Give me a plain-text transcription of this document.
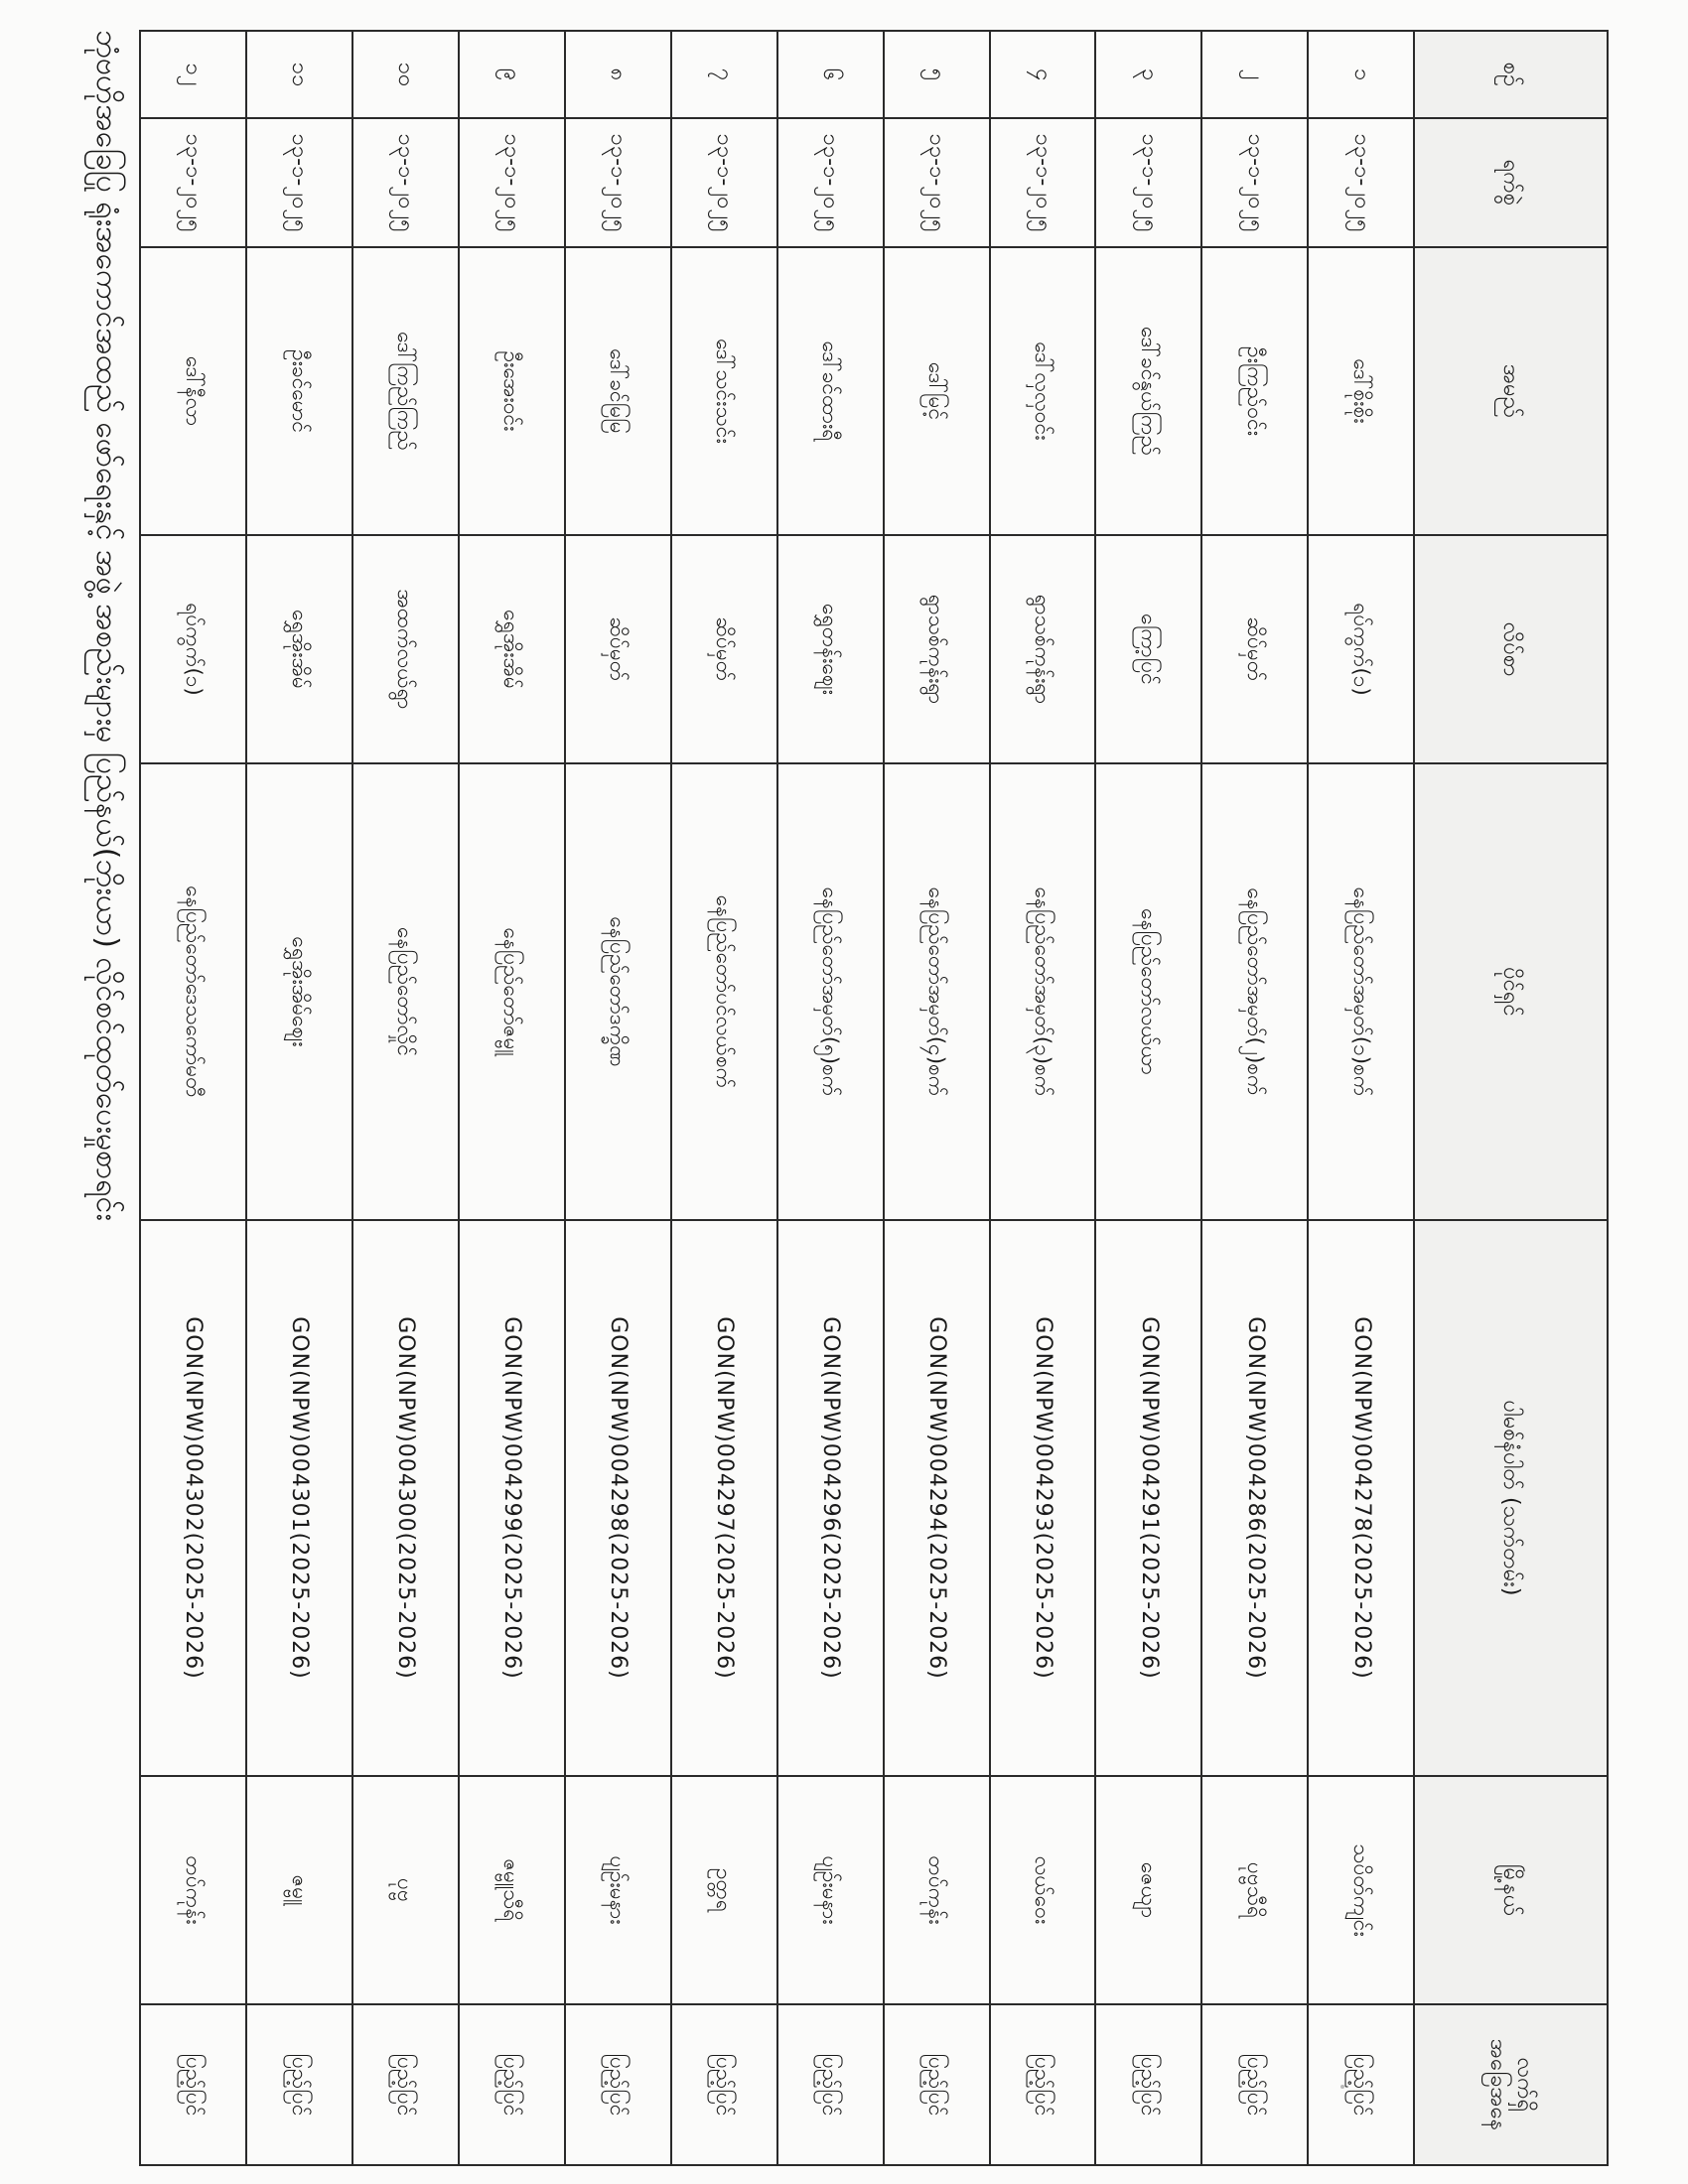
စဉ်	ရက်စွဲ	အမည်	လိပ်စာ	ပိုင်ရှင်	ပါမစ်နံပါတ် (သက်တမ်း)	မြို့နယ်	လက်ရှိ အခြေအနေ
၁	၁၃-၁-၂၀၂၅	ဒေါ်စိုးစိုး	ရပ်ကွက်(၁)	နေပြည်တော်အမှတ်(၁)စက်	GON(NPW)004278(2025-2026)	သပိတ်ကျင်း	ပြည့်ပြင်
၂	၁၃-၁-၂၀၂၅	ဦးကြည်ဝင်း	ဆိပ်မှတ်	နေပြည်တော်အမှတ်(၂)စက်	GON(NPW)004286(2025-2026)	ပုဗ္ဗသီရိ	ပြည့်ပြင်
၃	၁၃-၁-၂၀၂၅	ဒေါ်ခင်နွယ်ကြည်	ကြော့ပြင်	နေပြည်တော်လယ်ယာ	GON(NPW)004291(2025-2026)	ဇေယျာ	ပြည့်ပြင်
၄	၁၃-၁-၂၀၂၅	ဒေါ်လှလှဝင်း	ရွာသစ်ကုန်းရွာ	နေပြည်တော်အမှတ်(၃)စက်	GON(NPW)004293(2025-2026)	လယ်ဝေး	ပြည့်ပြင်
၅	၁၃-၁-၂၀၂၅	ဒေါ်မြင့်	ရွာသစ်ကုန်းရွာ	နေပြည်တော်အမှတ်(၄)စက်	GON(NPW)004294(2025-2026)	တပ်ကုန်း	ပြည့်ပြင်
၆	၁၃-၁-၂၀၂၅	ဒေါ်ခင်ထားရီ	ရွှေတန်းဈေး	နေပြည်တော်အမှတ်(၅)စက်	GON(NPW)004296(2025-2026)	ပျဉ်းမနား	ပြည့်ပြင်
၇	၁၃-၁-၂၀၂၅	ဒေါ်သင်းသင်း	ဆိပ်မှတ်	နေပြည်တော်ပင်လယ်စက်	GON(NPW)004297(2025-2026)	ဥတ္တရ	ပြည့်ပြင်
၈	၁၃-၁-၂၀၂၅	ဒေါ်ခင်မြမြ	ဆိပ်မှတ်	နေပြည်တော်ဒက္ခိဏ	GON(NPW)004298(2025-2026)	ပျဉ်းမနား	ပြည့်ပြင်
၉	၁၃-၁-၂၀၂၅	ဦးအေးဝင်း	ရွှေအိုးအိမ်	နေပြည်တော်ဇမ္ဗူ	GON(NPW)004299(2025-2026)	ဇမ္ဗူသီရိ	ပြည့်ပြင်
၁၀	၁၃-၁-၂၀၂၅	ဒေါ်ကြည်ကြည်	အထက်လယ်ရွာ	နေပြည်တော်လှိုင်	GON(NPW)004300(2025-2026)	ပုဗ္ဗ	ပြည့်ပြင်
၁၁	၁၃-၁-၂၀၂၅	ဦးခင်မောင်	ရွှေအိုးအိမ်	ရွှေအိုးအိမ်ဈေး	GON(NPW)004301(2025-2026)	ဇမ္ဗူ	ပြည့်ပြင်
၁၂	၁၃-၁-၂၀၂၅	ဒေါ်နီလာ	ရပ်ကွက်(၁)	နေပြည်တော်ဒေသကော်မတီ	GON(NPW)004302(2025-2026)	တပ်ကုန်း	ပြည့်ပြင်
ဘုံဗဟိုအခြေပြု ရုံးအကောင်အထည် ဖော်ရေးနှင့် အဖွဲ့ အစည်းများမှ ပြည်နယ်(ဘိုးယာ) လိုင်စင်ထုတ်ပေးမှုစာရင်း
